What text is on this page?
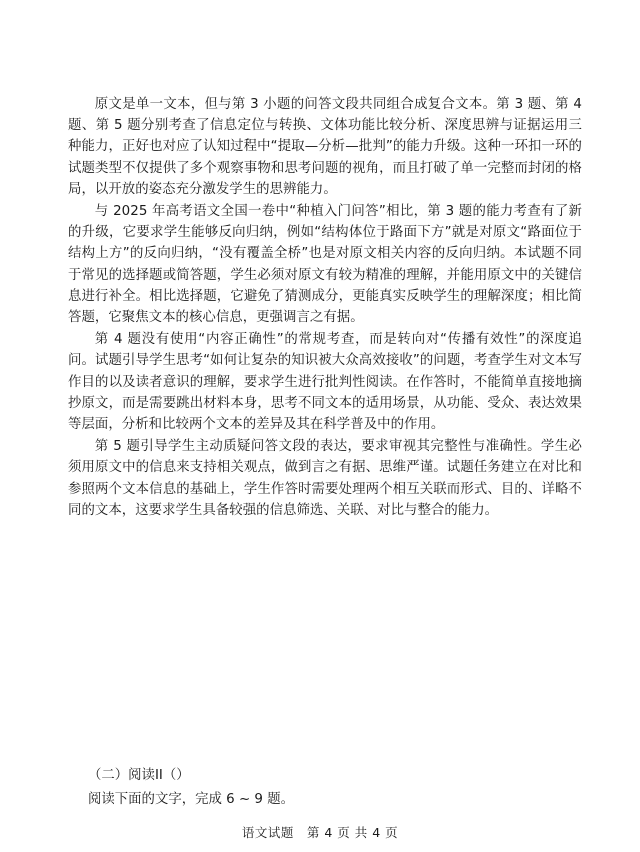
原文是单一文本，但与第 3 小题的问答文段共同组合成复合文本。第 3 题、第 4 题、第 5 题分别考查了信息定位与转换、文体功能比较分析、深度思辨与证据运用三种能力，正好也对应了认知过程中“提取—分析—批判”的能力升级。这种一环扣一环的试题类型不仅提供了多个观察事物和思考问题的视角，而且打破了单一完整而封闭的格局，以开放的姿态充分激发学生的思辨能力。

与 2025 年高考语文全国一卷中“种植入门问答”相比，第 3 题的能力考查有了新的升级，它要求学生能够反向归纳，例如“结构体位于路面下方”就是对原文“路面位于结构上方”的反向归纳，“没有覆盖全桥”也是对原文相关内容的反向归纳。本试题不同于常见的选择题或简答题，学生必须对原文有较为精准的理解，并能用原文中的关键信息进行补全。相比选择题，它避免了猜测成分，更能真实反映学生的理解深度；相比简答题，它聚焦文本的核心信息，更强调言之有据。

第 4 题没有使用“内容正确性”的常规考查，而是转向对“传播有效性”的深度追问。试题引导学生思考“如何让复杂的知识被大众高效接收”的问题，考查学生对文本写作目的以及读者意识的理解，要求学生进行批判性阅读。在作答时，不能简单直接地摘抄原文，而是需要跳出材料本身，思考不同文本的适用场景，从功能、受众、表达效果等层面，分析和比较两个文本的差异及其在科学普及中的作用。

第 5 题引导学生主动质疑问答文段的表达，要求审视其完整性与准确性。学生必须用原文中的信息来支持相关观点，做到言之有据、思维严谨。试题任务建立在对比和参照两个文本信息的基础上，学生作答时需要处理两个相互关联而形式、目的、详略不同的文本，这要求学生具备较强的信息筛选、关联、对比与整合的能力。

（二）阅读II（）

阅读下面的文字，完成 6 ~ 9 题。

语文试题　第 4 页 共 4 页
